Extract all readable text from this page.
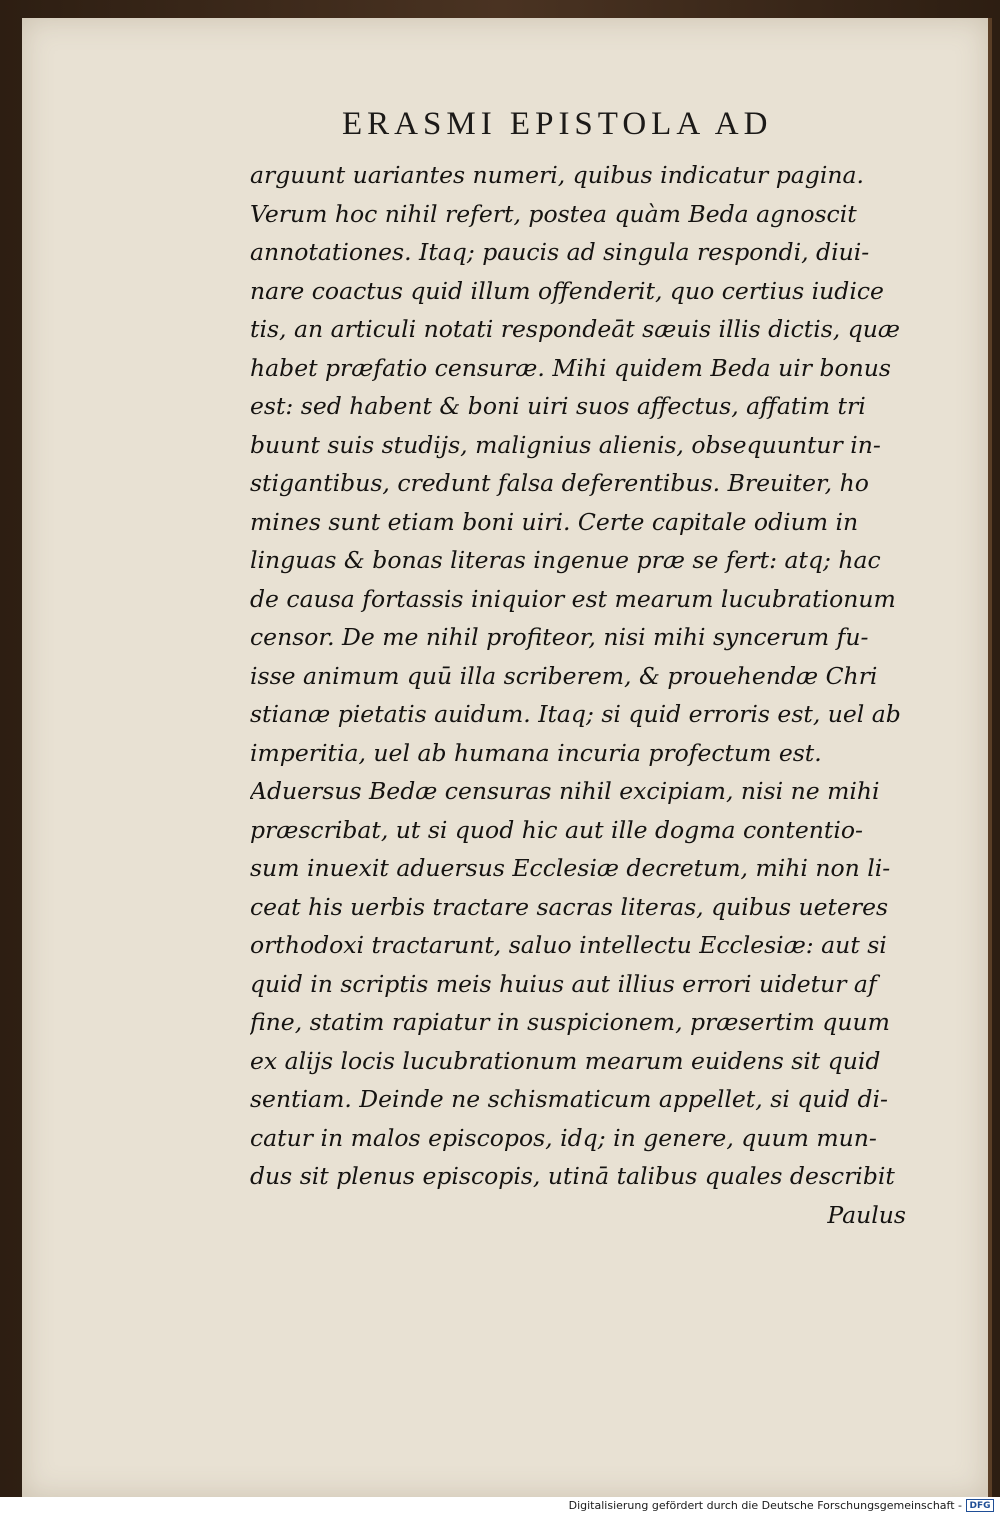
ERASMI EPISTOLA AD
arguunt uariantes numeri, quibus indicatur pagina.
Verum hoc nihil refert, postea quàm Beda agnoscit
annotationes. Itaq; paucis ad singula respondi, diui-
nare coactus quid illum offenderit, quo certius iudice
tis, an articuli notati respondeāt sæuis illis dictis, quæ
habet præfatio censuræ. Mihi quidem Beda uir bonus
est: sed habent & boni uiri suos affectus, affatim tri
buunt suis studijs, malignius alienis, obsequuntur in-
stigantibus, credunt falsa deferentibus. Breuiter, ho
mines sunt etiam boni uiri. Certe capitale odium in
linguas & bonas literas ingenue præ se fert: atq; hac
de causa fortassis iniquior est mearum lucubrationum
censor. De me nihil profiteor, nisi mihi syncerum fu-
isse animum quū illa scriberem, & prouehendæ Chri
stianæ pietatis auidum. Itaq; si quid erroris est, uel ab
imperitia, uel ab humana incuria profectum est.
Aduersus Bedæ censuras nihil excipiam, nisi ne mihi
præscribat, ut si quod hic aut ille dogma contentio-
sum inuexit aduersus Ecclesiæ decretum, mihi non li-
ceat his uerbis tractare sacras literas, quibus ueteres
orthodoxi tractarunt, saluo intellectu Ecclesiæ: aut si
quid in scriptis meis huius aut illius errori uidetur af
fine, statim rapiatur in suspicionem, præsertim quum
ex alijs locis lucubrationum mearum euidens sit quid
sentiam. Deinde ne schismaticum appellet, si quid di-
catur in malos episcopos, idq; in genere, quum mun-
dus sit plenus episcopis, utinā talibus quales describit
Paulus
Digitalisierung gefördert durch die Deutsche Forschungsgemeinschaft - DFG
